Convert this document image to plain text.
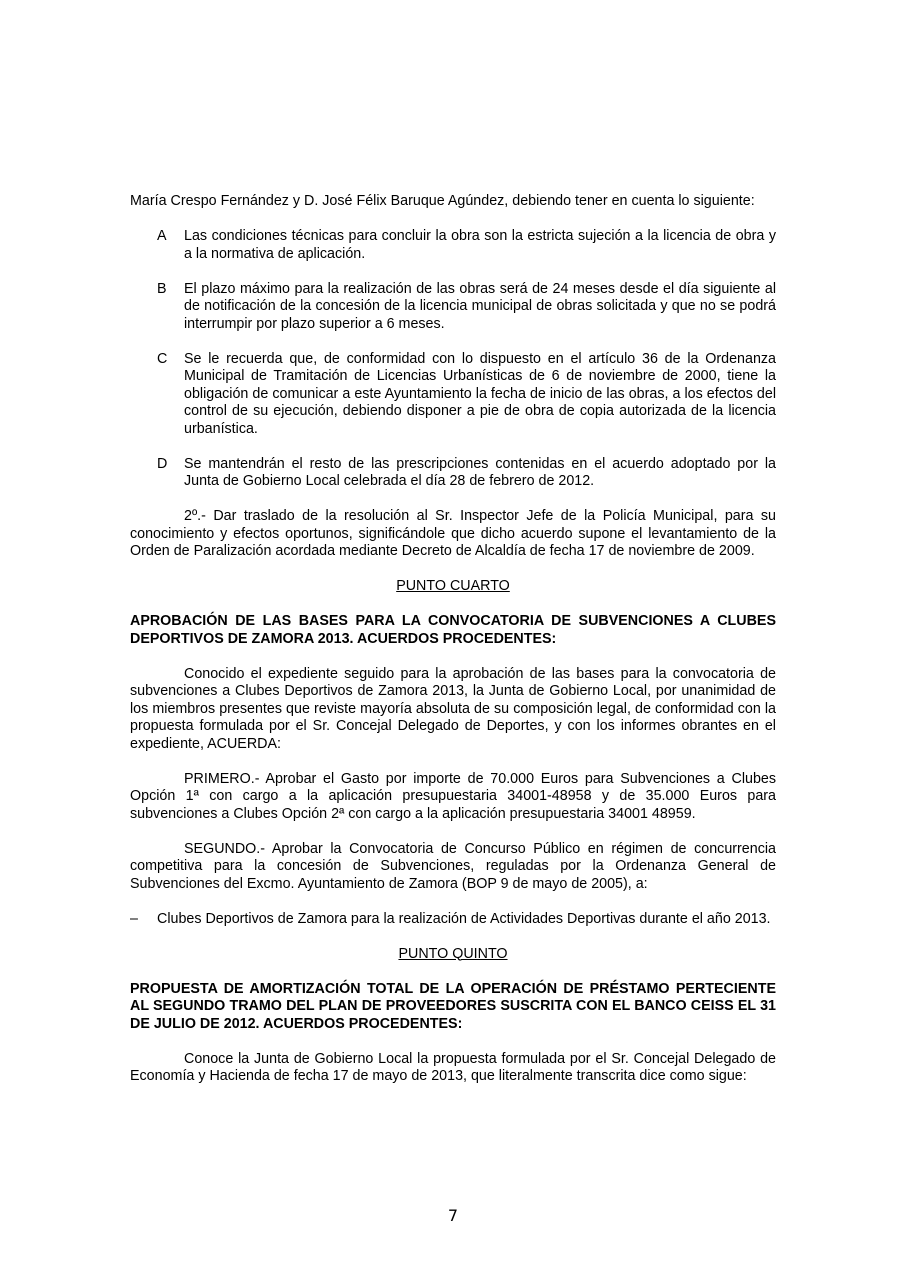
María Crespo Fernández y D. José Félix Baruque Agúndez, debiendo tener en cuenta lo siguiente:

A Las condiciones técnicas para concluir la obra son la estricta sujeción a la licencia de obra y a la normativa de aplicación.
B El plazo máximo para la realización de las obras será de 24 meses desde el día siguiente al de notificación de la concesión de la licencia municipal de obras solicitada y que no se podrá interrumpir por plazo superior a 6 meses.
C Se le recuerda que, de conformidad con lo dispuesto en el artículo 36 de la Ordenanza Municipal de Tramitación de Licencias Urbanísticas de 6 de noviembre de 2000, tiene la obligación de comunicar a este Ayuntamiento la fecha de inicio de las obras, a los efectos del control de su ejecución, debiendo disponer a pie de obra de copia autorizada de la licencia urbanística.
D Se mantendrán el resto de las prescripciones contenidas en el acuerdo adoptado por la Junta de Gobierno Local celebrada el día 28 de febrero de 2012.

2º.- Dar traslado de la resolución al Sr. Inspector Jefe de la Policía Municipal, para su conocimiento y efectos oportunos, significándole que dicho acuerdo supone el levantamiento de la Orden de Paralización acordada mediante Decreto de Alcaldía de fecha 17 de noviembre de 2009.

PUNTO CUARTO

APROBACIÓN DE LAS BASES PARA LA CONVOCATORIA DE SUBVENCIONES A CLUBES DEPORTIVOS DE ZAMORA 2013. ACUERDOS PROCEDENTES:

Conocido el expediente seguido para la aprobación de las bases para la convocatoria de subvenciones a Clubes Deportivos de Zamora 2013, la Junta de Gobierno Local, por unanimidad de los miembros presentes que reviste mayoría absoluta de su composición legal, de conformidad con la propuesta formulada por el Sr. Concejal Delegado de Deportes, y con los informes obrantes en el expediente, ACUERDA:

PRIMERO.- Aprobar el Gasto por importe de 70.000 Euros para Subvenciones a Clubes Opción 1ª con cargo a la aplicación presupuestaria 34001-48958 y de 35.000 Euros para subvenciones a Clubes Opción 2ª con cargo a la aplicación presupuestaria 34001 48959.

SEGUNDO.- Aprobar la Convocatoria de Concurso Público en régimen de concurrencia competitiva para la concesión de Subvenciones, reguladas por la Ordenanza General de Subvenciones del Excmo. Ayuntamiento de Zamora (BOP 9 de mayo de 2005), a:

– Clubes Deportivos de Zamora para la realización de Actividades Deportivas durante el año 2013.

PUNTO QUINTO

PROPUESTA DE AMORTIZACIÓN TOTAL DE LA OPERACIÓN DE PRÉSTAMO PERTECIENTE AL SEGUNDO TRAMO DEL PLAN DE PROVEEDORES SUSCRITA CON EL BANCO CEISS EL 31 DE JULIO DE 2012. ACUERDOS PROCEDENTES:

Conoce la Junta de Gobierno Local la propuesta formulada por el Sr. Concejal Delegado de Economía y Hacienda de fecha 17 de mayo de 2013, que literalmente transcrita dice como sigue:

7
